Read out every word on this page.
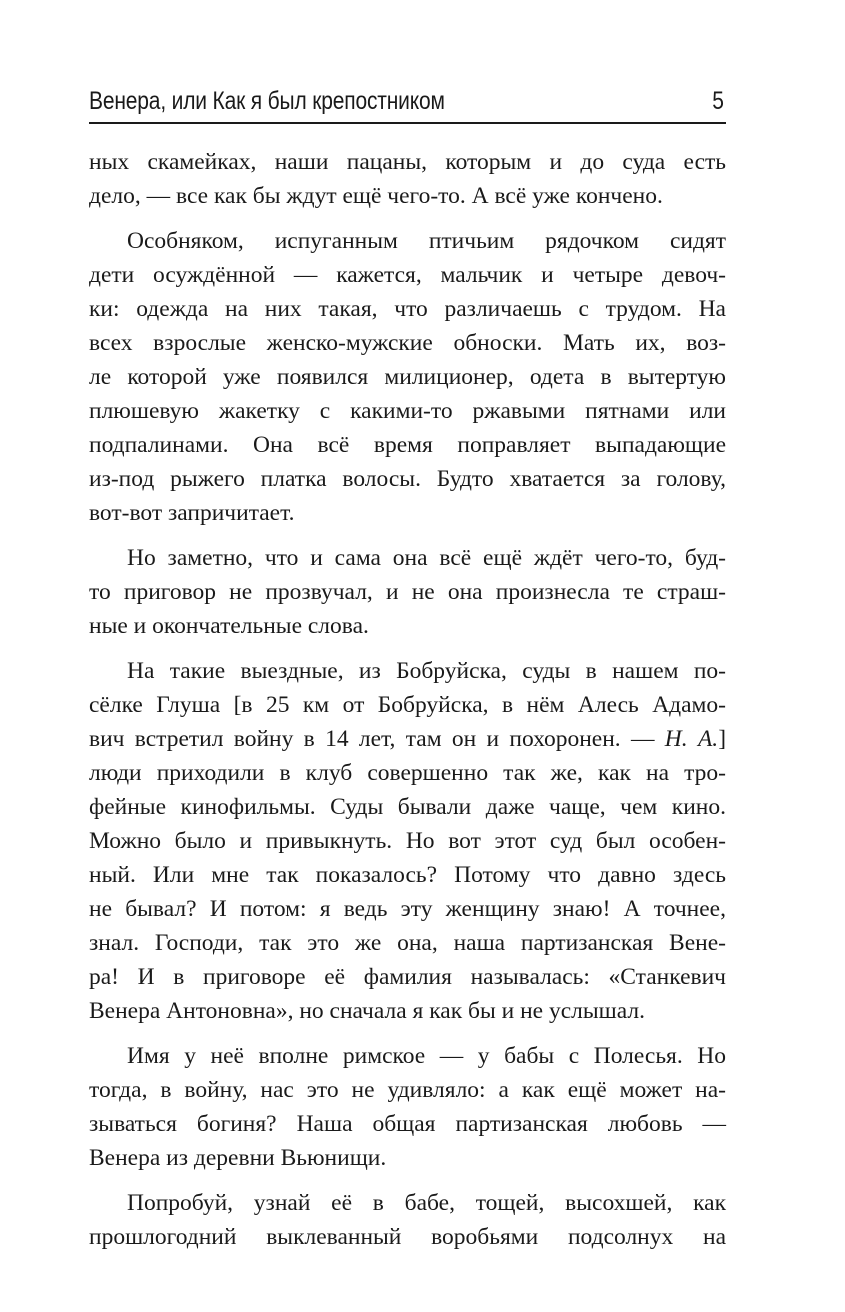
Венера, или Как я был крепостником	5
ных скамейках, наши пацаны, которым и до суда есть
дело, — все как бы ждут ещё чего-то. А всё уже кончено.
Особняком, испуганным птичьим рядочком сидят
дети осуждённой — кажется, мальчик и четыре девоч-
ки: одежда на них такая, что различаешь с трудом. На
всех взрослые женско-мужские обноски. Мать их, воз-
ле которой уже появился милиционер, одета в вытертую
плюшевую жакетку с какими-то ржавыми пятнами или
подпалинами. Она всё время поправляет выпадающие
из-под рыжего платка волосы. Будто хватается за голову,
вот-вот запричитает.
Но заметно, что и сама она всё ещё ждёт чего-то, буд-
то приговор не прозвучал, и не она произнесла те страш-
ные и окончательные слова.
На такие выездные, из Бобруйска, суды в нашем по-
сёлке Глуша [в 25 км от Бобруйска, в нём Алесь Адамо-
вич встретил войну в 14 лет, там он и похоронен. — Н. А.]
люди приходили в клуб совершенно так же, как на тро-
фейные кинофильмы. Суды бывали даже чаще, чем кино.
Можно было и привыкнуть. Но вот этот суд был особен-
ный. Или мне так показалось? Потому что давно здесь
не бывал? И потом: я ведь эту женщину знаю! А точнее,
знал. Господи, так это же она, наша партизанская Вене-
ра! И в приговоре её фамилия называлась: «Станкевич
Венера Антоновна», но сначала я как бы и не услышал.
Имя у неё вполне римское — у бабы с Полесья. Но
тогда, в войну, нас это не удивляло: а как ещё может на-
зываться богиня? Наша общая партизанская любовь —
Венера из деревни Вьюнищи.
Попробуй, узнай её в бабе, тощей, высохшей, как
прошлогодний выклеванный воробьями подсолнух на
